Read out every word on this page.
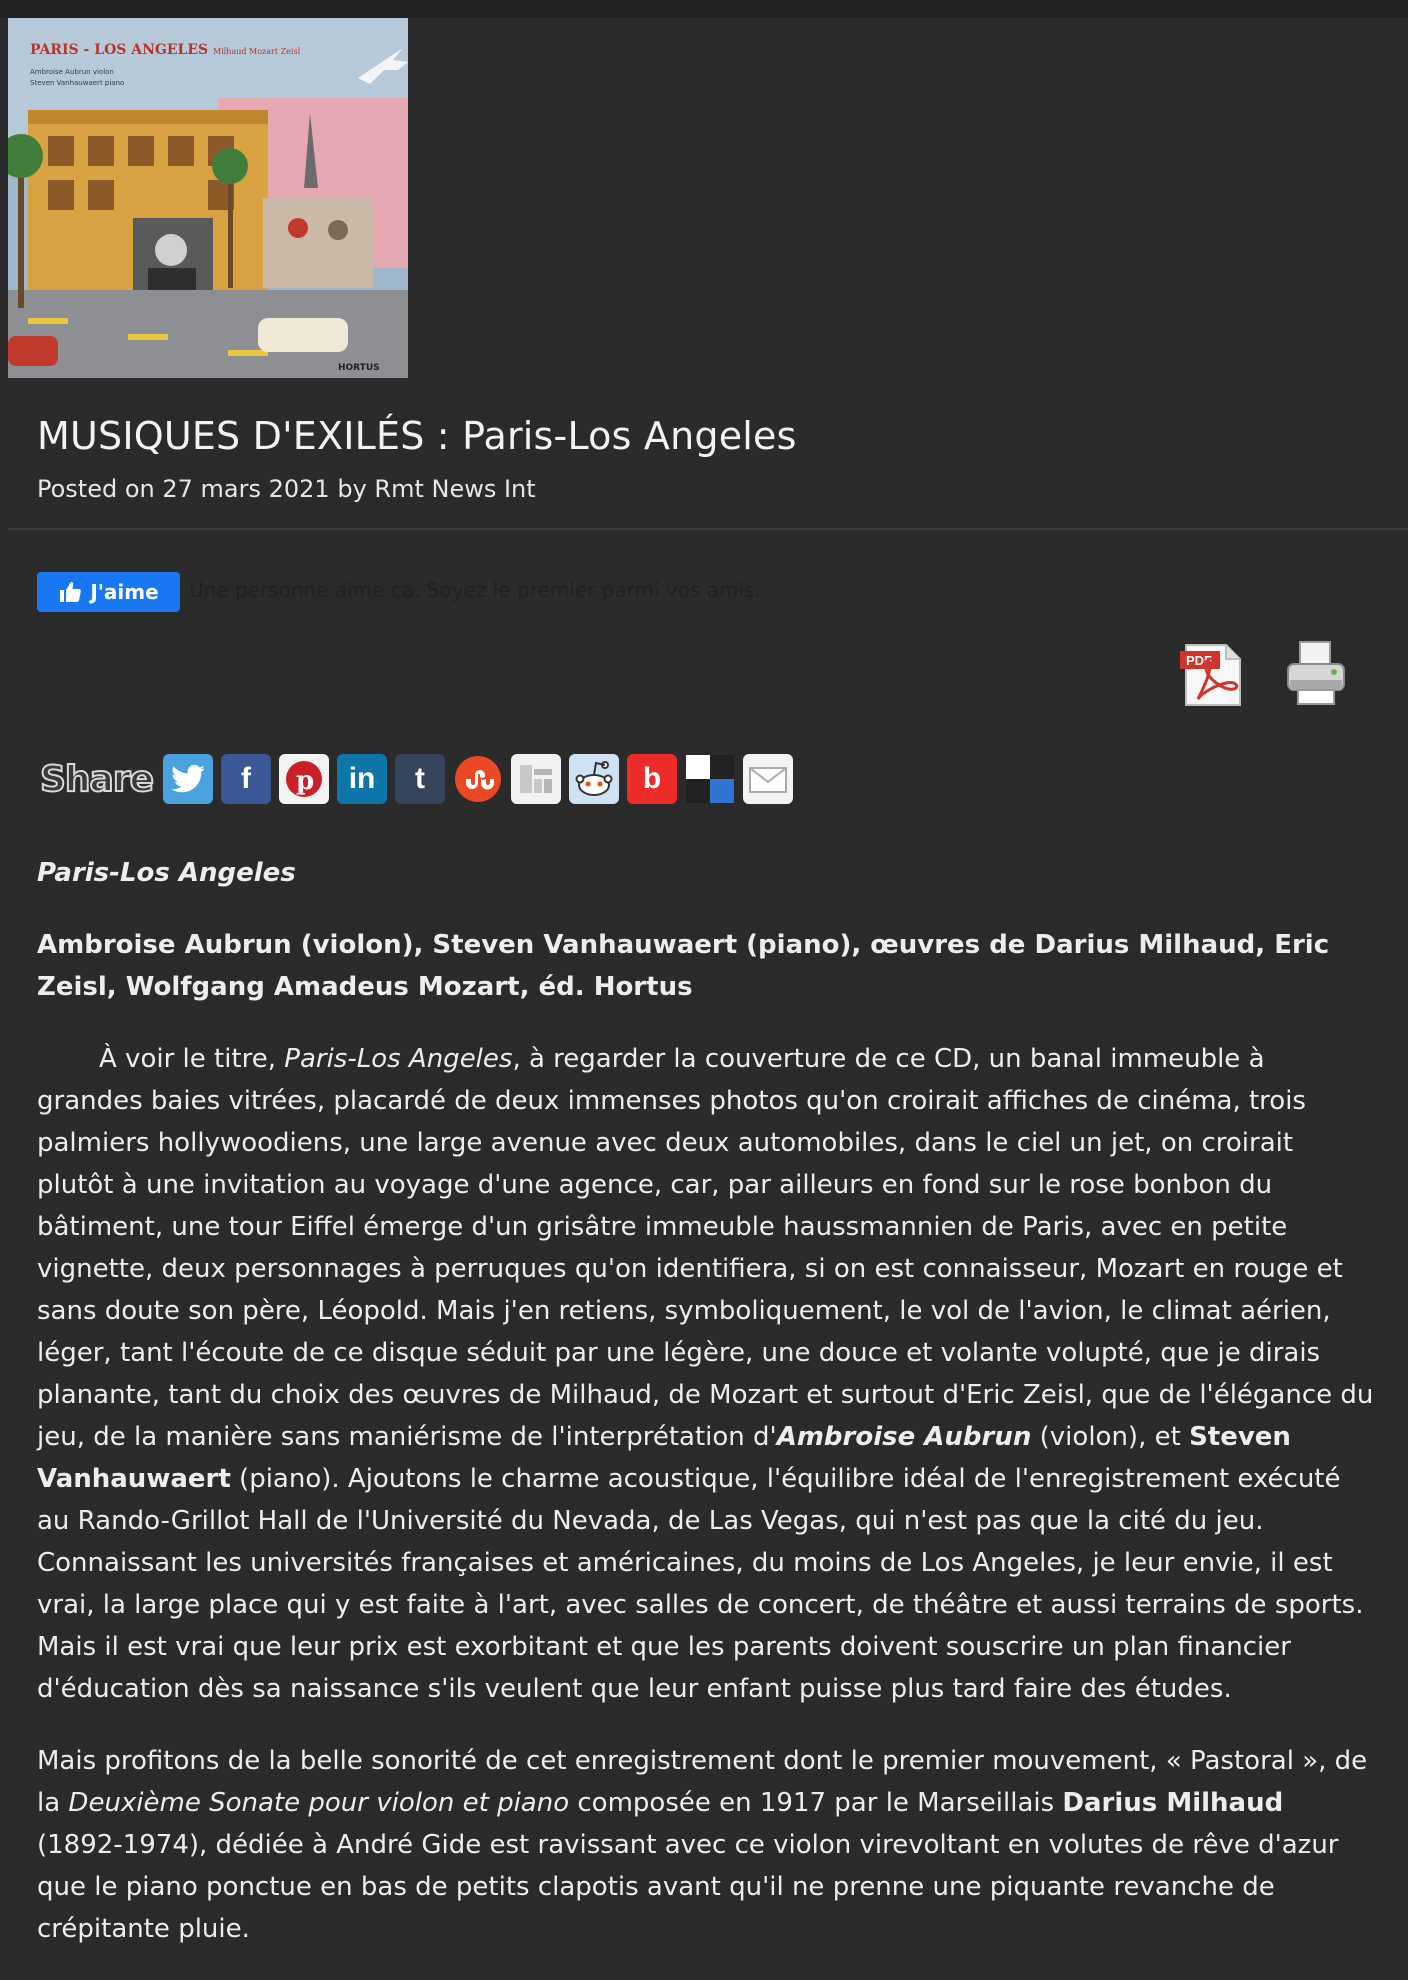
PARIS - LOS ANGELES Milhaud Mozart Zeisl
Ambroise Aubrun violon
Steven Vanhauwaert piano
HORTUS
MUSIQUES D'EXILÉS : Paris-Los Angeles
Posted on 27 mars 2021 by Rmt News Int
J'aime Une personne aime ça. Soyez le premier parmi vos amis.
PDF
Share	f p in t	b

Paris-Los Angeles

Ambroise Aubrun (violon), Steven Vanhauwaert (piano), œuvres de Darius Milhaud, Eric Zeisl, Wolfgang Amadeus Mozart, éd. Hortus

À voir le titre, Paris-Los Angeles, à regarder la couverture de ce CD, un banal immeuble à grandes baies vitrées, placardé de deux immenses photos qu'on croirait affiches de cinéma, trois palmiers hollywoodiens, une large avenue avec deux automobiles, dans le ciel un jet, on croirait plutôt à une invitation au voyage d'une agence, car, par ailleurs en fond sur le rose bonbon du bâtiment, une tour Eiffel émerge d'un grisâtre immeuble haussmannien de Paris, avec en petite vignette, deux personnages à perruques qu'on identifiera, si on est connaisseur, Mozart en rouge et sans doute son père, Léopold. Mais j'en retiens, symboliquement, le vol de l'avion, le climat aérien, léger, tant l'écoute de ce disque séduit par une légère, une douce et volante volupté, que je dirais planante, tant du choix des œuvres de Milhaud, de Mozart et surtout d'Eric Zeisl, que de l'élégance du jeu, de la manière sans maniérisme de l'interprétation d'Ambroise Aubrun (violon), et Steven Vanhauwaert (piano). Ajoutons le charme acoustique, l'équilibre idéal de l'enregistrement exécuté au Rando-Grillot Hall de l'Université du Nevada, de Las Vegas, qui n'est pas que la cité du jeu. Connaissant les universités françaises et américaines, du moins de Los Angeles, je leur envie, il est vrai, la large place qui y est faite à l'art, avec salles de concert, de théâtre et aussi terrains de sports. Mais il est vrai que leur prix est exorbitant et que les parents doivent souscrire un plan financier d'éducation dès sa naissance s'ils veulent que leur enfant puisse plus tard faire des études.

Mais profitons de la belle sonorité de cet enregistrement dont le premier mouvement, « Pastoral », de la Deuxième Sonate pour violon et piano composée en 1917 par le Marseillais Darius Milhaud (1892-1974), dédiée à André Gide est ravissant avec ce violon virevoltant en volutes de rêve d'azur que le piano ponctue en bas de petits clapotis avant qu'il ne prenne une piquante revanche de crépitante pluie.
